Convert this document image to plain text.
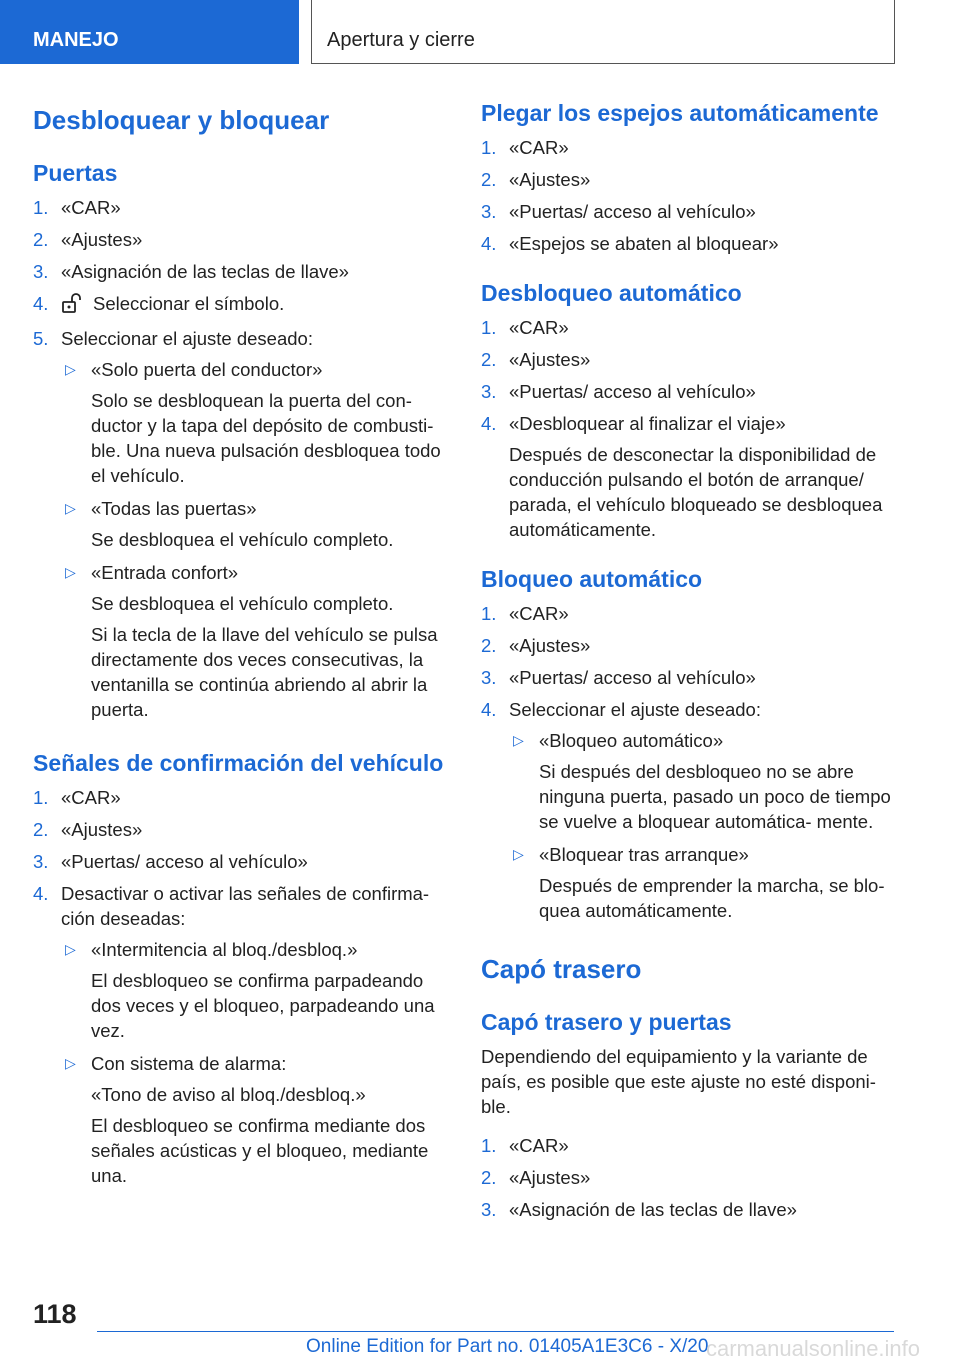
MANEJO	Apertura y cierre
Desbloquear y bloquear
Puertas
1. «CAR»
2. «Ajustes»
3. «Asignación de las teclas de llave»
4. Seleccionar el símbolo.
5. Seleccionar el ajuste deseado:
▷ «Solo puerta del conductor»

Solo se desbloquean la puerta del con‐ ductor y la tapa del depósito de combusti‐ ble. Una nueva pulsación desbloquea todo el vehículo.

▷ «Todas las puertas»

Se desbloquea el vehículo completo.

▷ «Entrada confort»

Se desbloquea el vehículo completo.

Si la tecla de la llave del vehículo se pulsa directamente dos veces consecutivas, la ventanilla se continúa abriendo al abrir la puerta.

Señales de confirmación del vehículo
1. «CAR»
2. «Ajustes»
3. «Puertas/ acceso al vehículo»
4. Desactivar o activar las señales de confirma‐ ción deseadas:
▷ «Intermitencia al bloq./desbloq.»

El desbloqueo se confirma parpadeando dos veces y el bloqueo, parpadeando una vez.

▷ Con sistema de alarma:

«Tono de aviso al bloq./desbloq.»

El desbloqueo se confirma mediante dos señales acústicas y el bloqueo, mediante una.

Plegar los espejos automáticamente
1. «CAR»
2. «Ajustes»
3. «Puertas/ acceso al vehículo»
4. «Espejos se abaten al bloquear»
Desbloqueo automático
1. «CAR»
2. «Ajustes»
3. «Puertas/ acceso al vehículo»
4. «Desbloquear al finalizar el viaje»

Después de desconectar la disponibilidad de conducción pulsando el botón de arranque/ parada, el vehículo bloqueado se desbloquea automáticamente.

Bloqueo automático
1. «CAR»
2. «Ajustes»
3. «Puertas/ acceso al vehículo»
4. Seleccionar el ajuste deseado:
▷ «Bloqueo automático»

Si después del desbloqueo no se abre ninguna puerta, pasado un poco de tiempo se vuelve a bloquear automática‐ mente.

▷ «Bloquear tras arranque»

Después de emprender la marcha, se blo‐ quea automáticamente.

Capó trasero
Capó trasero y puertas

Dependiendo del equipamiento y la variante de país, es posible que este ajuste no esté disponi‐ ble.

1. «CAR»
2. «Ajustes»
3. «Asignación de las teclas de llave»
118
Online Edition for Part no. 01405A1E3C6 - X/20
carmanualsonline.info
